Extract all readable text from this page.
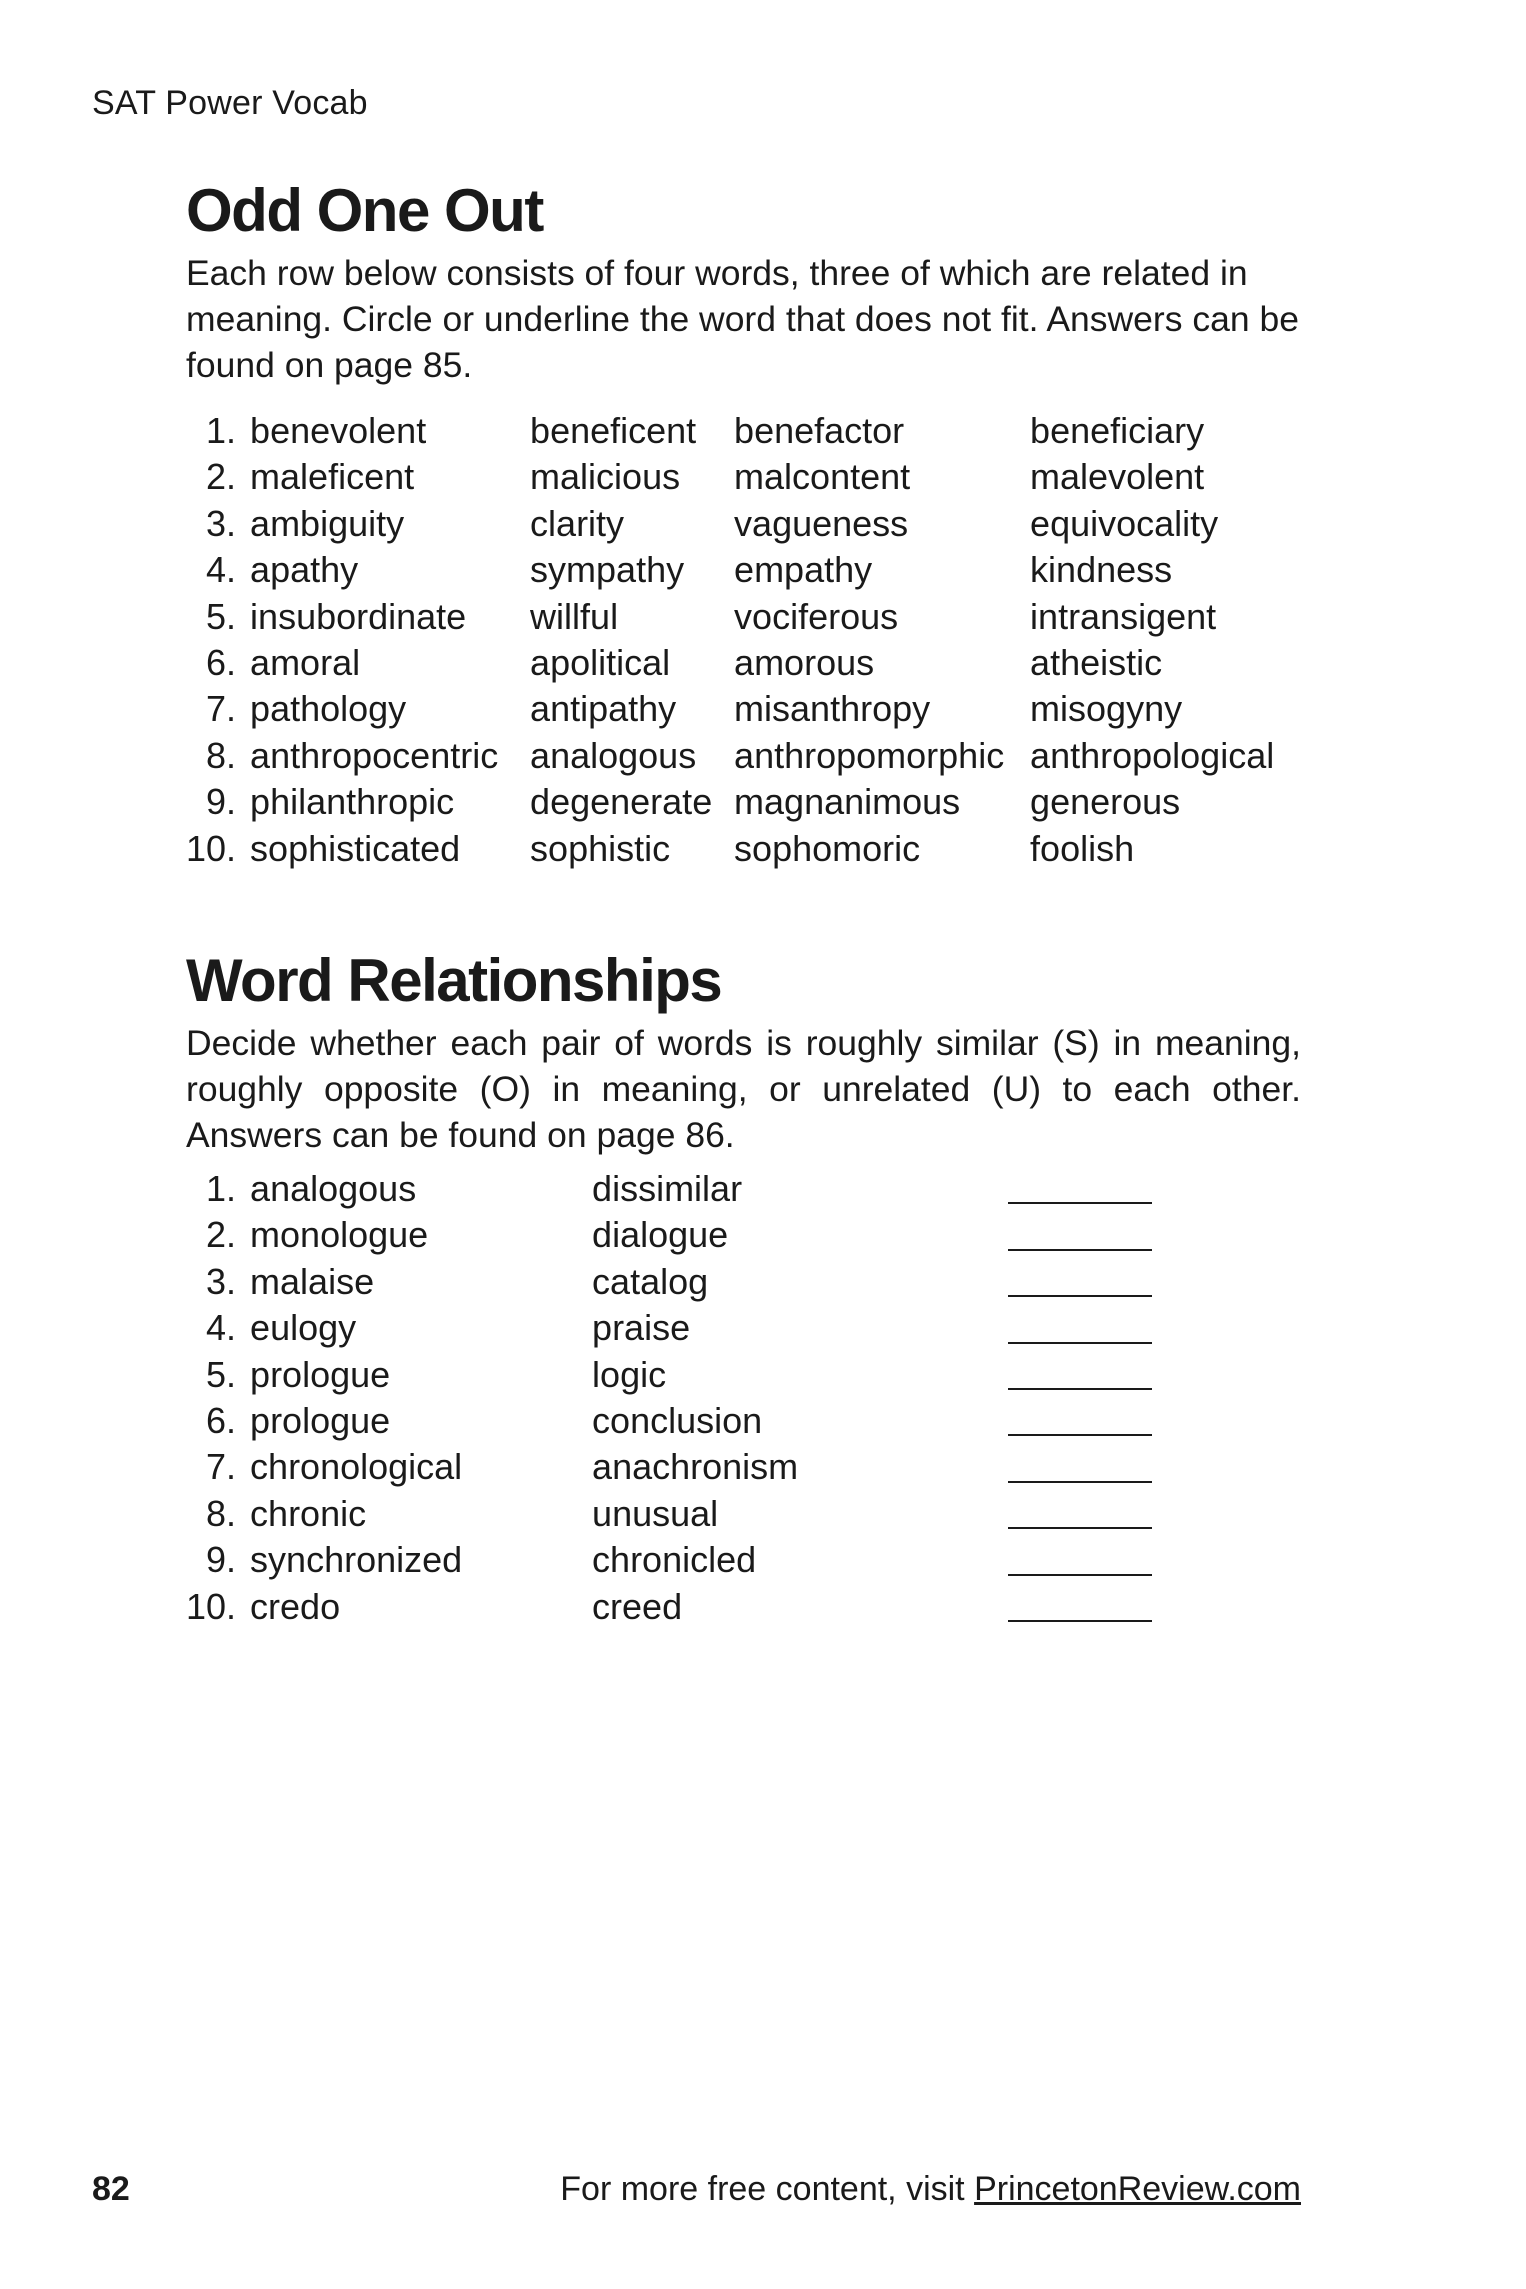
SAT Power Vocab
Odd One Out

Each row below consists of four words, three of which are related in meaning. Circle or underline the word that does not fit. Answers can be found on page 85.

1.	benevolent	beneficent	benefactor	beneficiary
2.	maleficent	malicious	malcontent	malevolent
3.	ambiguity	clarity	vagueness	equivocality
4.	apathy	sympathy	empathy	kindness
5.	insubordinate	willful	vociferous	intransigent
6.	amoral	apolitical	amorous	atheistic
7.	pathology	antipathy	misanthropy	misogyny
8.	anthropocentric	analogous	anthropomorphic	anthropological
9.	philanthropic	degenerate	magnanimous	generous
10.	sophisticated	sophistic	sophomoric	foolish
Word Relationships

Decide whether each pair of words is roughly similar (S) in meaning, roughly opposite (O) in meaning, or unrelated (U) to each other. Answers can be found on page 86.

1.	analogous	dissimilar	
2.	monologue	dialogue	
3.	malaise	catalog	
4.	eulogy	praise	
5.	prologue	logic	
6.	prologue	conclusion	
7.	chronological	anachronism	
8.	chronic	unusual	
9.	synchronized	chronicled	
10.	credo	creed	
82	For more free content, visit PrincetonReview.com
